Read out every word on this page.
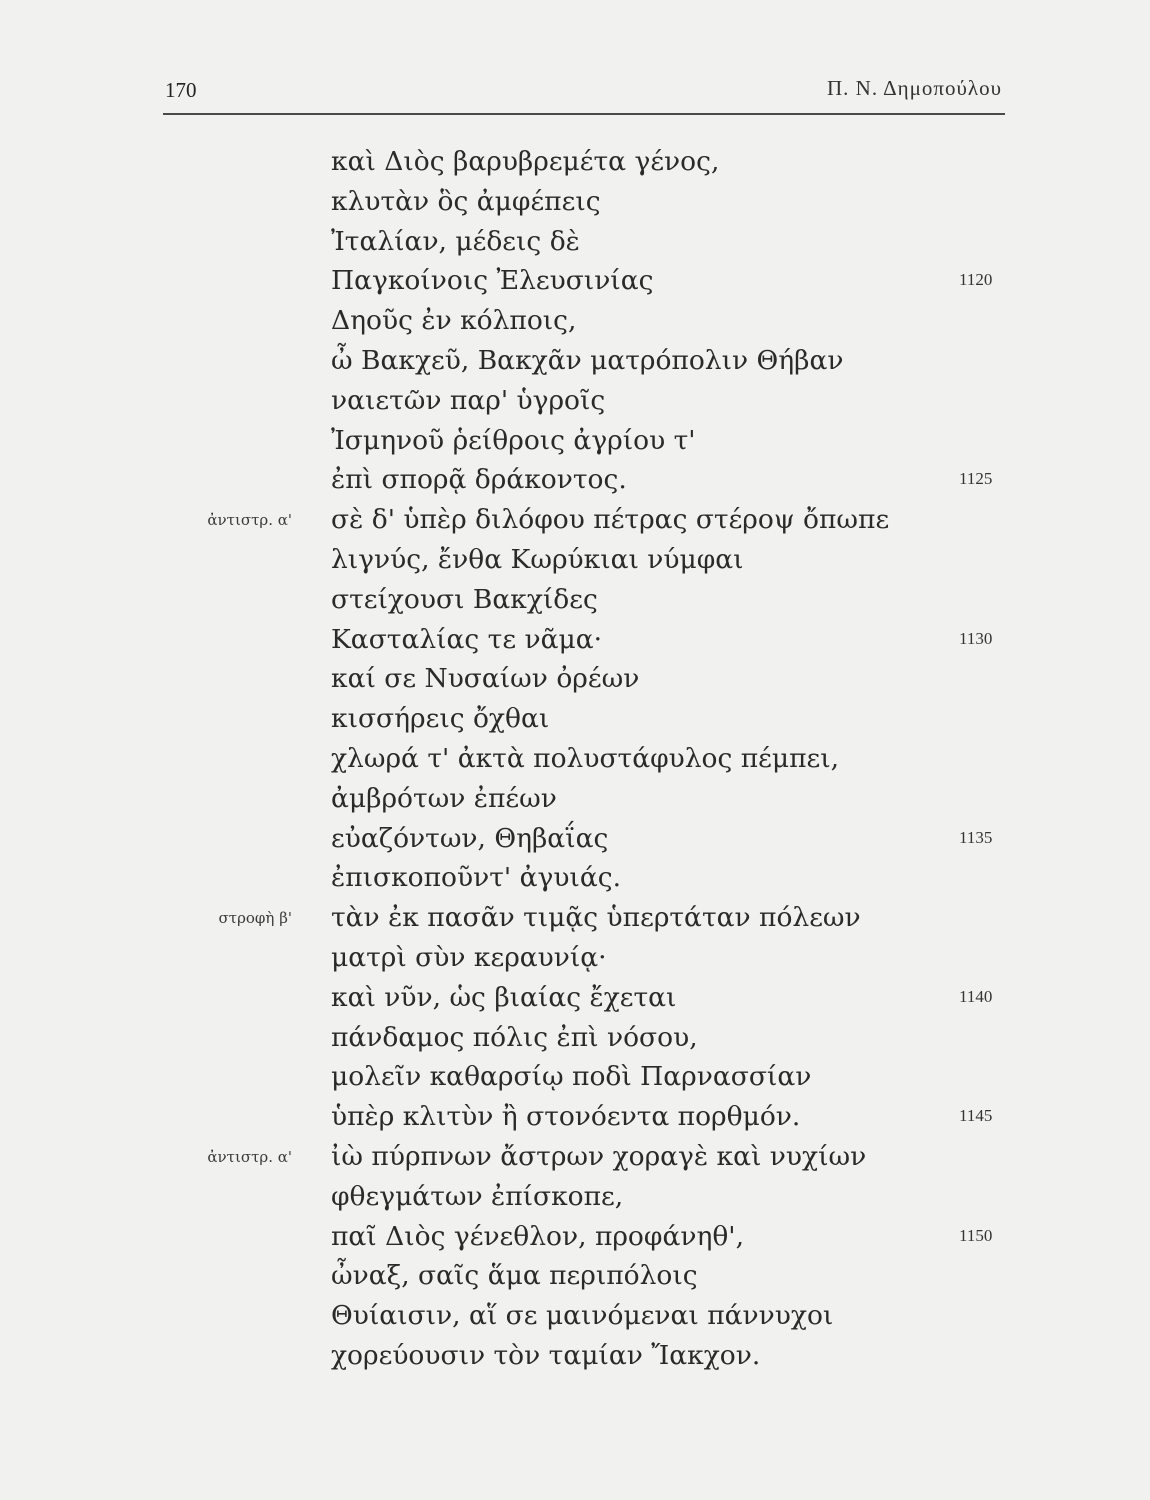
170	Π. Ν. Δημοπούλου
καὶ Διὸς βαρυβρεμέτα γένος,
κλυτὰν ὃς ἀμφέπεις
Ἰταλίαν, μέδεις δὲ
Παγκοίνοις Ἐλευσινίας	1120
Δηοῦς ἐν κόλποις,
ὦ Βακχεῦ, Βακχᾶν ματρόπολιν Θήβαν
ναιετῶν παρ' ὑγροῖς
Ἰσμηνοῦ ῥείθροις ἀγρίου τ'
ἐπὶ σπορᾷ δράκοντος.	1125
ἀντιστρ. α' σὲ δ' ὑπὲρ διλόφου πέτρας στέροψ ὄπωπε
λιγνύς, ἔνθα Κωρύκιαι νύμφαι
στείχουσι Βακχίδες
Κασταλίας τε νᾶμα·	1130
καί σε Νυσαίων ὀρέων
κισσήρεις ὄχθαι
χλωρά τ' ἀκτὰ πολυστάφυλος πέμπει,
ἀμβρότων ἐπέων
εὐαζόντων, Θηβαΐας	1135
ἐπισκοποῦντ' ἀγυιάς.
στροφὴ β' τὰν ἐκ πασᾶν τιμᾷς ὑπερτάταν πόλεων
ματρὶ σὺν κεραυνίᾳ·
καὶ νῦν, ὡς βιαίας ἔχεται	1140
πάνδαμος πόλις ἐπὶ νόσου,
μολεῖν καθαρσίῳ ποδὶ Παρνασσίαν
ὑπὲρ κλιτὺν ἢ στονόεντα πορθμόν.	1145
ἀντιστρ. α' ἰὼ πύρπνων ἄστρων χοραγὲ καὶ νυχίων
φθεγμάτων ἐπίσκοπε,
παῖ Διὸς γένεθλον, προφάνηθ',	1150
ὦναξ, σαῖς ἅμα περιπόλοις
Θυίαισιν, αἵ σε μαινόμεναι πάννυχοι
χορεύουσιν τὸν ταμίαν Ἴακχον.
